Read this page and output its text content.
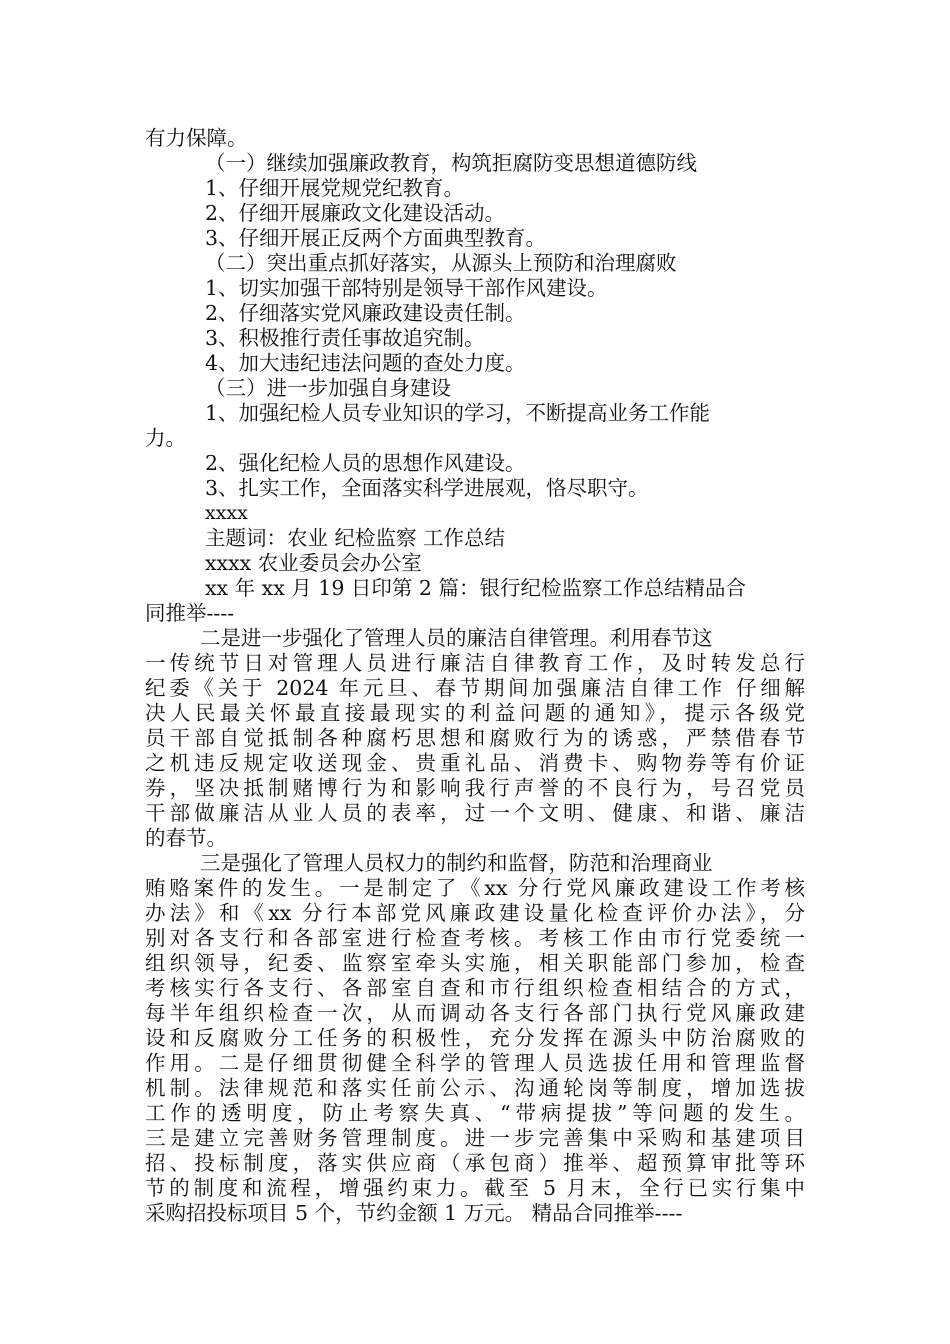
有力保障。
（一）继续加强廉政教育，构筑拒腐防变思想道德防线
1、仔细开展党规党纪教育。
2、仔细开展廉政文化建设活动。
3、仔细开展正反两个方面典型教育。
（二）突出重点抓好落实，从源头上预防和治理腐败
1、切实加强干部特别是领导干部作风建设。
2、仔细落实党风廉政建设责任制。
3、积极推行责任事故追究制。
4、加大违纪违法问题的查处力度。
（三）进一步加强自身建设
1、加强纪检人员专业知识的学习，不断提高业务工作能
力。
2、强化纪检人员的思想作风建设。
3、扎实工作，全面落实科学进展观，恪尽职守。
xxxx
主题词：农业 纪检监察 工作总结
xxxx 农业委员会办公室
xx 年 xx 月 19 日印第 2 篇：银行纪检监察工作总结精品合
同推举----
二是进一步强化了管理人员的廉洁自律管理。利用春节这
一传统节日对管理人员进行廉洁自律教育工作，及时转发总行
纪委《关于 2024 年元旦、春节期间加强廉洁自律工作 仔细解
决人民最关怀最直接最现实的利益问题的通知》，提示各级党
员干部自觉抵制各种腐朽思想和腐败行为的诱惑，严禁借春节
之机违反规定收送现金、贵重礼品、消费卡、购物券等有价证
券，坚决抵制赌博行为和影响我行声誉的不良行为，号召党员
干部做廉洁从业人员的表率，过一个文明、健康、和谐、廉洁
的春节。
三是强化了管理人员权力的制约和监督，防范和治理商业
贿赂案件的发生。一是制定了《xx 分行党风廉政建设工作考核
办法》和《xx 分行本部党风廉政建设量化检查评价办法》，分
别对各支行和各部室进行检查考核。考核工作由市行党委统一
组织领导，纪委、监察室牵头实施，相关职能部门参加，检查
考核实行各支行、各部室自查和市行组织检查相结合的方式，
每半年组织检查一次，从而调动各支行各部门执行党风廉政建
设和反腐败分工任务的积极性，充分发挥在源头中防治腐败的
作用。二是仔细贯彻健全科学的管理人员选拔任用和管理监督
机制。法律规范和落实任前公示、沟通轮岗等制度，增加选拔
工作的透明度，防止考察失真、“带病提拔”等问题的发生。
三是建立完善财务管理制度。进一步完善集中采购和基建项目
招、投标制度，落实供应商（承包商）推举、超预算审批等环
节的制度和流程，增强约束力。截至 5 月末，全行已实行集中
采购招投标项目 5 个，节约金额 1 万元。 精品合同推举----
